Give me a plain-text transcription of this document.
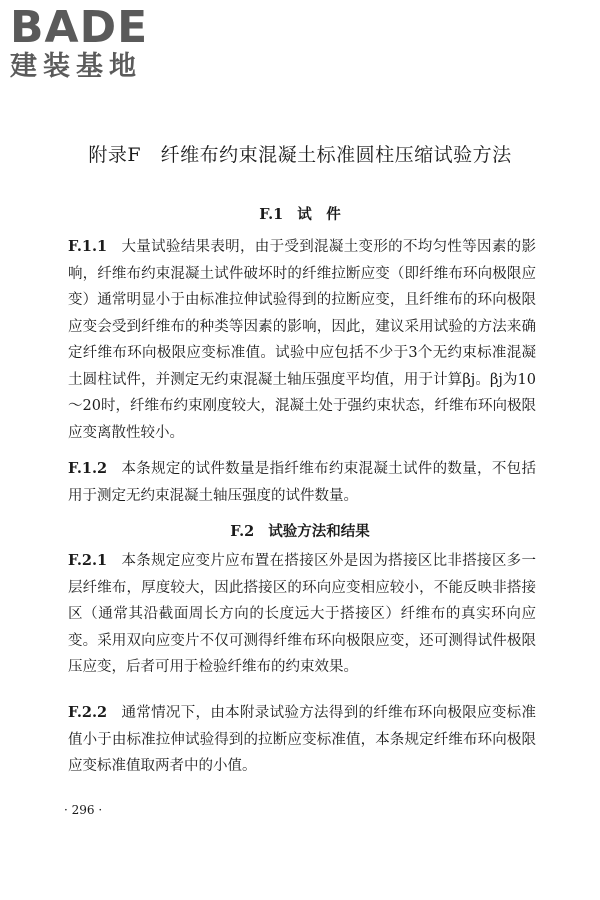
BADE
建装基地
附录F　纤维布约束混凝土标准圆柱压缩试验方法
F.1 试　件

F.1.1 大量试验结果表明，由于受到混凝土变形的不均匀性等因素的影响，纤维布约束混凝土试件破坏时的纤维拉断应变（即纤维布环向极限应变）通常明显小于由标准拉伸试验得到的拉断应变，且纤维布的环向极限应变会受到纤维布的种类等因素的影响，因此，建议采用试验的方法来确定纤维布环向极限应变标准值。试验中应包括不少于3个无约束标准混凝土圆柱试件，并测定无约束混凝土轴压强度平均值，用于计算βj。βj为10～20时，纤维布约束刚度较大，混凝土处于强约束状态，纤维布环向极限应变离散性较小。

F.1.2 本条规定的试件数量是指纤维布约束混凝土试件的数量，不包括用于测定无约束混凝土轴压强度的试件数量。

F.2 试验方法和结果

F.2.1 本条规定应变片应布置在搭接区外是因为搭接区比非搭接区多一层纤维布，厚度较大，因此搭接区的环向应变相应较小，不能反映非搭接区（通常其沿截面周长方向的长度远大于搭接区）纤维布的真实环向应变。采用双向应变片不仅可测得纤维布环向极限应变，还可测得试件极限压应变，后者可用于检验纤维布的约束效果。

F.2.2 通常情况下，由本附录试验方法得到的纤维布环向极限应变标准值小于由标准拉伸试验得到的拉断应变标准值，本条规定纤维布环向极限应变标准值取两者中的小值。

· 296 ·
